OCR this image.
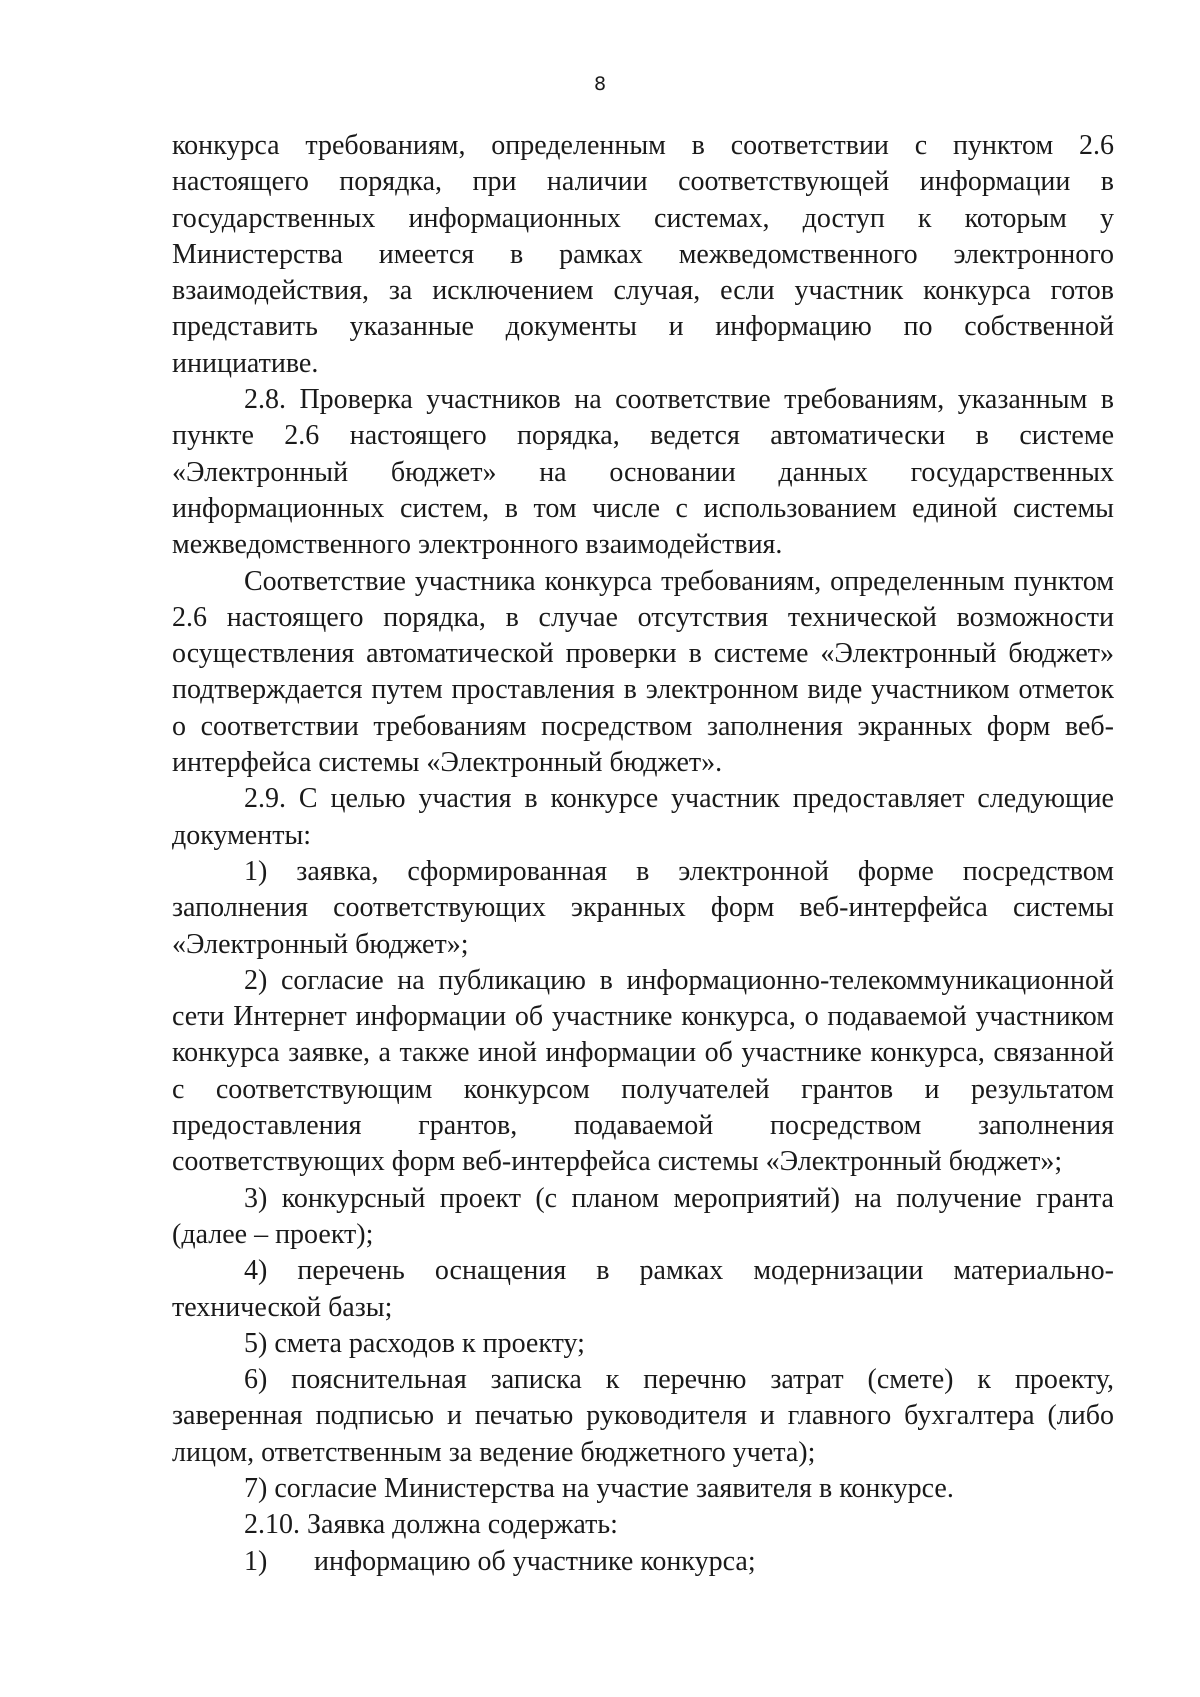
8

конкурса требованиям, определенным в соответствии с пунктом 2.6 настоящего порядка, при наличии соответствующей информации в государственных информационных системах, доступ к которым у Министерства имеется в рамках межведомственного электронного взаимодействия, за исключением случая, если участник конкурса готов представить указанные документы и информацию по собственной инициативе.

2.8. Проверка участников на соответствие требованиям, указанным в пункте 2.6 настоящего порядка, ведется автоматически в системе «Электронный бюджет» на основании данных государственных информационных систем, в том числе с использованием единой системы межведомственного электронного взаимодействия.

Соответствие участника конкурса требованиям, определенным пунктом 2.6 настоящего порядка, в случае отсутствия технической возможности осуществления автоматической проверки в системе «Электронный бюджет» подтверждается путем проставления в электронном виде участником отметок о соответствии требованиям посредством заполнения экранных форм веб-интерфейса системы «Электронный бюджет».

2.9. С целью участия в конкурсе участник предоставляет следующие документы:

1) заявка, сформированная в электронной форме посредством заполнения соответствующих экранных форм веб-интерфейса системы «Электронный бюджет»;

2) согласие на публикацию в информационно-телекоммуникационной сети Интернет информации об участнике конкурса, о подаваемой участником конкурса заявке, а также иной информации об участнике конкурса, связанной с соответствующим конкурсом получателей грантов и результатом предоставления грантов, подаваемой посредством заполнения соответствующих форм веб-интерфейса системы «Электронный бюджет»;

3) конкурсный проект (с планом мероприятий) на получение гранта (далее – проект);

4) перечень оснащения в рамках модернизации материально-технической базы;

5) смета расходов к проекту;

6) пояснительная записка к перечню затрат (смете) к проекту, заверенная подписью и печатью руководителя и главного бухгалтера (либо лицом, ответственным за ведение бюджетного учета);

7) согласие Министерства на участие заявителя в конкурсе.

2.10. Заявка должна содержать:

1) информацию об участнике конкурса;
